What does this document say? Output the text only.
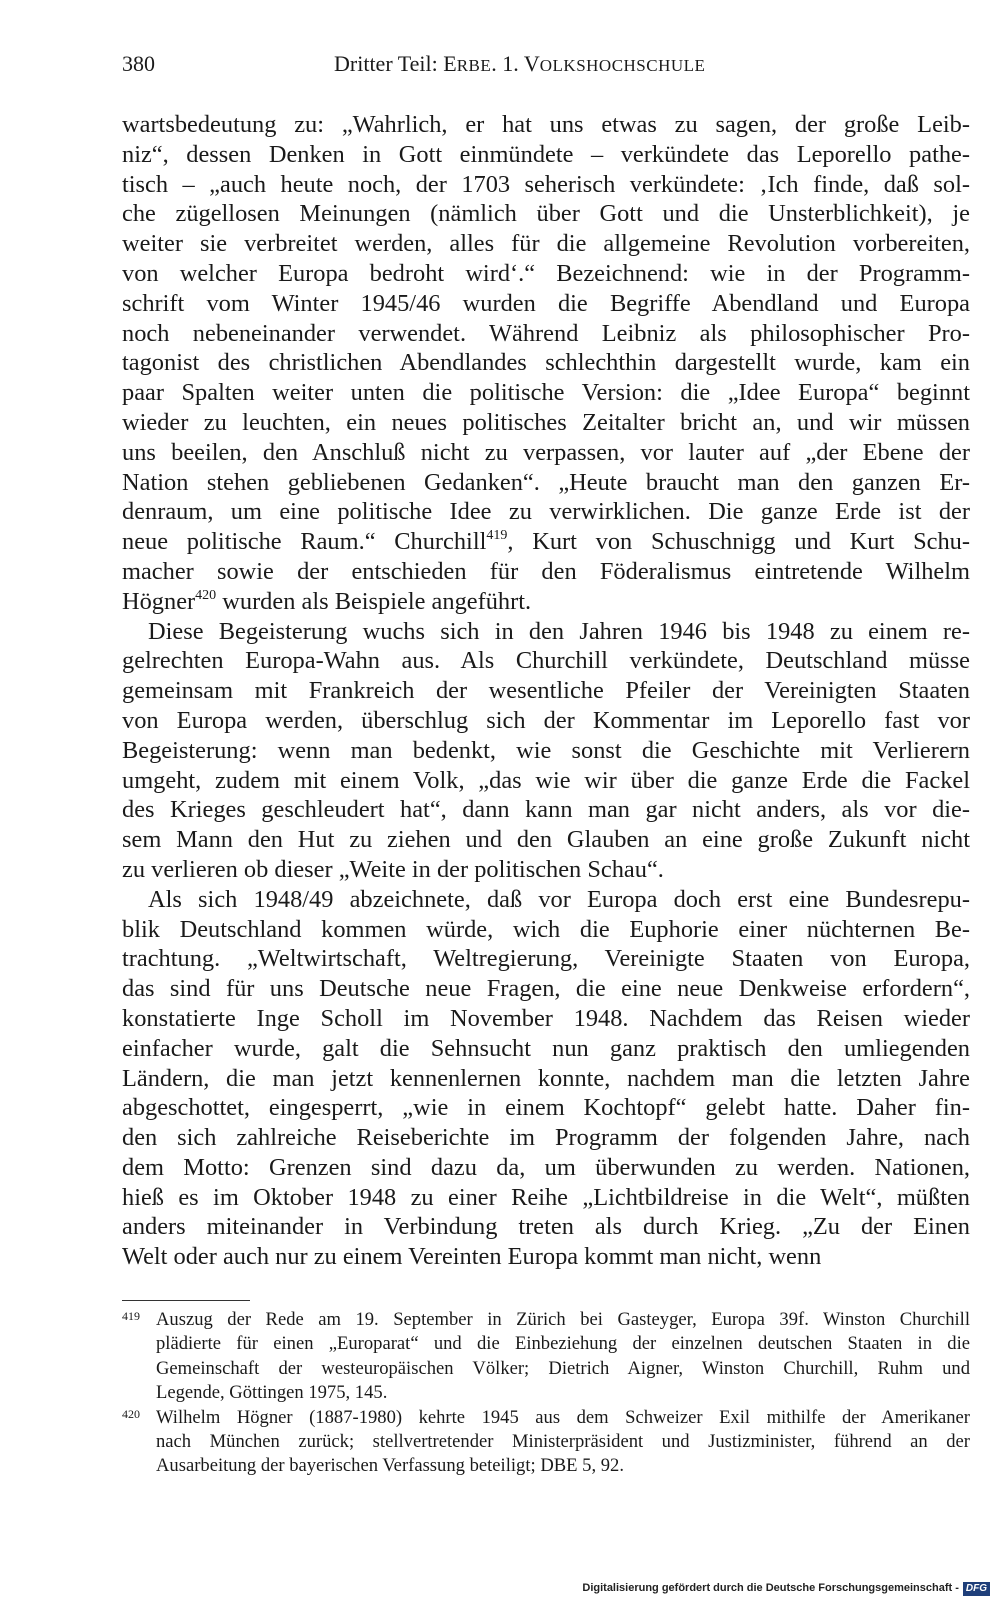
380	Dritter Teil: ERBE. 1. VOLKSHOCHSCHULE
wartsbedeutung zu: „Wahrlich, er hat uns etwas zu sagen, der große Leib-
niz“, dessen Denken in Gott einmündete – verkündete das Leporello pathe-
tisch – „auch heute noch, der 1703 seherisch verkündete: ‚Ich finde, daß sol-
che zügellosen Meinungen (nämlich über Gott und die Unsterblichkeit), je
weiter sie verbreitet werden, alles für die allgemeine Revolution vorbereiten,
von welcher Europa bedroht wird‘.“ Bezeichnend: wie in der Programm-
schrift vom Winter 1945/46 wurden die Begriffe Abendland und Europa
noch nebeneinander verwendet. Während Leibniz als philosophischer Pro-
tagonist des christlichen Abendlandes schlechthin dargestellt wurde, kam ein
paar Spalten weiter unten die politische Version: die „Idee Europa“ beginnt
wieder zu leuchten, ein neues politisches Zeitalter bricht an, und wir müssen
uns beeilen, den Anschluß nicht zu verpassen, vor lauter auf „der Ebene der
Nation stehen gebliebenen Gedanken“. „Heute braucht man den ganzen Er-
denraum, um eine politische Idee zu verwirklichen. Die ganze Erde ist der
neue politische Raum.“ Churchill$^{419}$, Kurt von Schuschnigg und Kurt Schu-
macher sowie der entschieden für den Föderalismus eintretende Wilhelm
Högner$^{420}$ wurden als Beispiele angeführt.
Diese Begeisterung wuchs sich in den Jahren 1946 bis 1948 zu einem re-
gelrechten Europa-Wahn aus. Als Churchill verkündete, Deutschland müsse
gemeinsam mit Frankreich der wesentliche Pfeiler der Vereinigten Staaten
von Europa werden, überschlug sich der Kommentar im Leporello fast vor
Begeisterung: wenn man bedenkt, wie sonst die Geschichte mit Verlierern
umgeht, zudem mit einem Volk, „das wie wir über die ganze Erde die Fackel
des Krieges geschleudert hat“, dann kann man gar nicht anders, als vor die-
sem Mann den Hut zu ziehen und den Glauben an eine große Zukunft nicht
zu verlieren ob dieser „Weite in der politischen Schau“.
Als sich 1948/49 abzeichnete, daß vor Europa doch erst eine Bundesrepu-
blik Deutschland kommen würde, wich die Euphorie einer nüchternen Be-
trachtung. „Weltwirtschaft, Weltregierung, Vereinigte Staaten von Europa,
das sind für uns Deutsche neue Fragen, die eine neue Denkweise erfordern“,
konstatierte Inge Scholl im November 1948. Nachdem das Reisen wieder
einfacher wurde, galt die Sehnsucht nun ganz praktisch den umliegenden
Ländern, die man jetzt kennenlernen konnte, nachdem man die letzten Jahre
abgeschottet, eingesperrt, „wie in einem Kochtopf“ gelebt hatte. Daher fin-
den sich zahlreiche Reiseberichte im Programm der folgenden Jahre, nach
dem Motto: Grenzen sind dazu da, um überwunden zu werden. Nationen,
hieß es im Oktober 1948 zu einer Reihe „Lichtbildreise in die Welt“, müßten
anders miteinander in Verbindung treten als durch Krieg. „Zu der Einen
Welt oder auch nur zu einem Vereinten Europa kommt man nicht, wenn
419 Auszug der Rede am 19. September in Zürich bei Gasteyger, Europa 39f. Winston Churchill
plädierte für einen „Europarat“ und die Einbeziehung der einzelnen deutschen Staaten in die
Gemeinschaft der westeuropäischen Völker; Dietrich Aigner, Winston Churchill, Ruhm und
Legende, Göttingen 1975, 145.
420 Wilhelm Högner (1887-1980) kehrte 1945 aus dem Schweizer Exil mithilfe der Amerikaner
nach München zurück; stellvertretender Ministerpräsident und Justizminister, führend an der
Ausarbeitung der bayerischen Verfassung beteiligt; DBE 5, 92.
Digitalisierung gefördert durch die Deutsche Forschungsgemeinschaft - DFG
